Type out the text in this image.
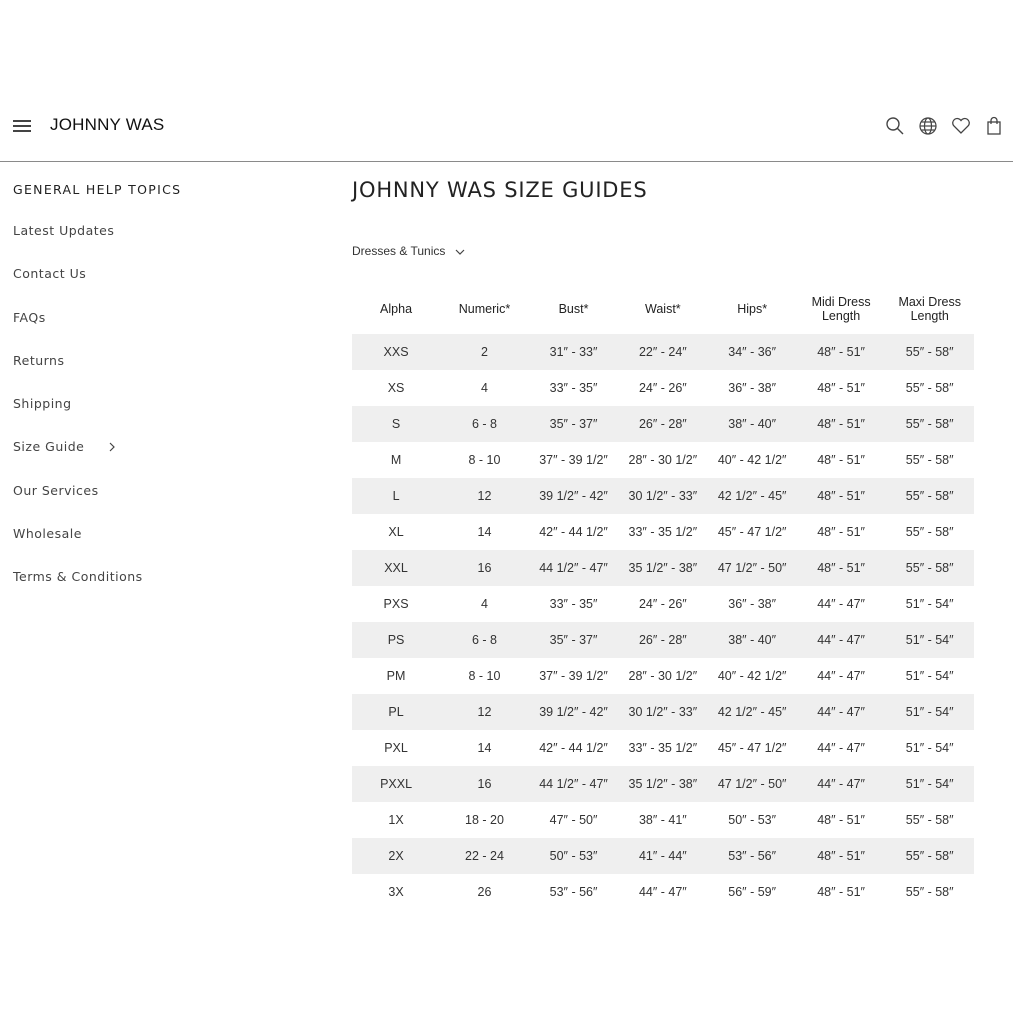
JOHNNY WAS
GENERAL HELP TOPICS
Latest Updates
Contact Us
FAQs
Returns
Shipping
Size Guide
Our Services
Wholesale
Terms & Conditions
JOHNNY WAS SIZE GUIDES
Dresses & Tunics
Alpha	Numeric*	Bust*	Waist*	Hips*	Midi Dress Length	Maxi Dress Length
XXS	2	31″ - 33″	22″ - 24″	34″ - 36″	48″ - 51″	55″ - 58″
XS	4	33″ - 35″	24″ - 26″	36″ - 38″	48″ - 51″	55″ - 58″
S	6 - 8	35″ - 37″	26″ - 28″	38″ - 40″	48″ - 51″	55″ - 58″
M	8 - 10	37″ - 39 1/2″	28″ - 30 1/2″	40″ - 42 1/2″	48″ - 51″	55″ - 58″
L	12	39 1/2″ - 42″	30 1/2″ - 33″	42 1/2″ - 45″	48″ - 51″	55″ - 58″
XL	14	42″ - 44 1/2″	33″ - 35 1/2″	45″ - 47 1/2″	48″ - 51″	55″ - 58″
XXL	16	44 1/2″ - 47″	35 1/2″ - 38″	47 1/2″ - 50″	48″ - 51″	55″ - 58″
PXS	4	33″ - 35″	24″ - 26″	36″ - 38″	44″ - 47″	51″ - 54″
PS	6 - 8	35″ - 37″	26″ - 28″	38″ - 40″	44″ - 47″	51″ - 54″
PM	8 - 10	37″ - 39 1/2″	28″ - 30 1/2″	40″ - 42 1/2″	44″ - 47″	51″ - 54″
PL	12	39 1/2″ - 42″	30 1/2″ - 33″	42 1/2″ - 45″	44″ - 47″	51″ - 54″
PXL	14	42″ - 44 1/2″	33″ - 35 1/2″	45″ - 47 1/2″	44″ - 47″	51″ - 54″
PXXL	16	44 1/2″ - 47″	35 1/2″ - 38″	47 1/2″ - 50″	44″ - 47″	51″ - 54″
1X	18 - 20	47″ - 50″	38″ - 41″	50″ - 53″	48″ - 51″	55″ - 58″
2X	22 - 24	50″ - 53″	41″ - 44″	53″ - 56″	48″ - 51″	55″ - 58″
3X	26	53″ - 56″	44″ - 47″	56″ - 59″	48″ - 51″	55″ - 58″
